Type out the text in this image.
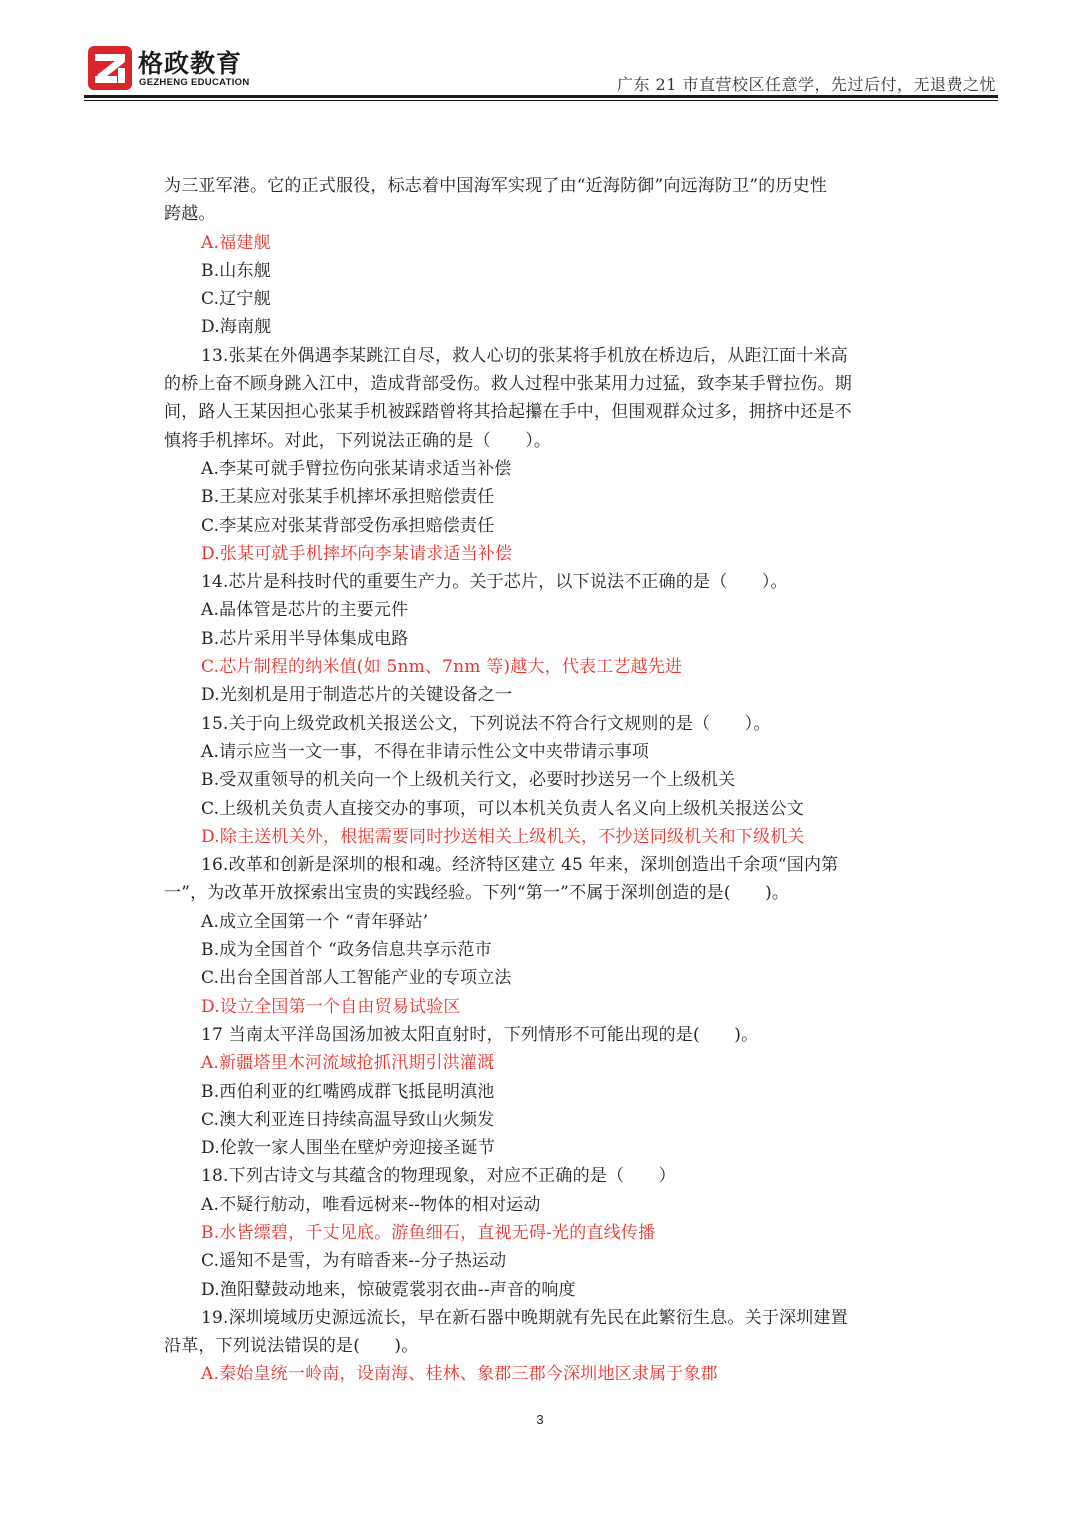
格政教育
GEZHENG EDUCATION	广东 21 市直营校区任意学，先过后付，无退费之忧
为三亚军港。它的正式服役，标志着中国海军实现了由“近海防御”向远海防卫”的历史性
跨越。
A.福建舰
B.山东舰
C.辽宁舰
D.海南舰
13.张某在外偶遇李某跳江自尽，救人心切的张某将手机放在桥边后，从距江面十米高
的桥上奋不顾身跳入江中，造成背部受伤。救人过程中张某用力过猛，致李某手臂拉伤。期
间，路人王某因担心张某手机被踩踏曾将其拾起攥在手中，但围观群众过多，拥挤中还是不
慎将手机摔坏。对此，下列说法正确的是（　　）。
A.李某可就手臂拉伤向张某请求适当补偿
B.王某应对张某手机摔坏承担赔偿责任
C.李某应对张某背部受伤承担赔偿责任
D.张某可就手机摔坏向李某请求适当补偿
14.芯片是科技时代的重要生产力。关于芯片，以下说法不正确的是（　　）。
A.晶体管是芯片的主要元件
B.芯片采用半导体集成电路
C.芯片制程的纳米值(如 5nm、7nm 等)越大，代表工艺越先进
D.光刻机是用于制造芯片的关键设备之一
15.关于向上级党政机关报送公文，下列说法不符合行文规则的是（　　）。
A.请示应当一文一事，不得在非请示性公文中夹带请示事项
B.受双重领导的机关向一个上级机关行文，必要时抄送另一个上级机关
C.上级机关负责人直接交办的事项，可以本机关负责人名义向上级机关报送公文
D.除主送机关外，根据需要同时抄送相关上级机关，不抄送同级机关和下级机关
16.改革和创新是深圳的根和魂。经济特区建立 45 年来，深圳创造出千余项“国内第
一”，为改革开放探索出宝贵的实践经验。下列“第一”不属于深圳创造的是(　　)。
A.成立全国第一个 “青年驿站’
B.成为全国首个 “政务信息共享示范市
C.出台全国首部人工智能产业的专项立法
D.设立全国第一个自由贸易试验区
17 当南太平洋岛国汤加被太阳直射时，下列情形不可能出现的是(　　)。
A.新疆塔里木河流域抢抓汛期引洪灌溉
B.西伯利亚的红嘴鸥成群飞抵昆明滇池
C.澳大利亚连日持续高温导致山火频发
D.伦敦一家人围坐在壁炉旁迎接圣诞节
18.下列古诗文与其蕴含的物理现象，对应不正确的是（　　）
A.不疑行舫动，唯看远树来--物体的相对运动
B.水皆缥碧，千丈见底。游鱼细石，直视无碍-光的直线传播
C.遥知不是雪，为有暗香来--分子热运动
D.渔阳鼙鼓动地来，惊破霓裳羽衣曲--声音的响度
19.深圳境域历史源远流长，早在新石器中晚期就有先民在此繁衍生息。关于深圳建置
沿革，下列说法错误的是(　　)。
A.秦始皇统一岭南，设南海、桂林、象郡三郡今深圳地区隶属于象郡
3
